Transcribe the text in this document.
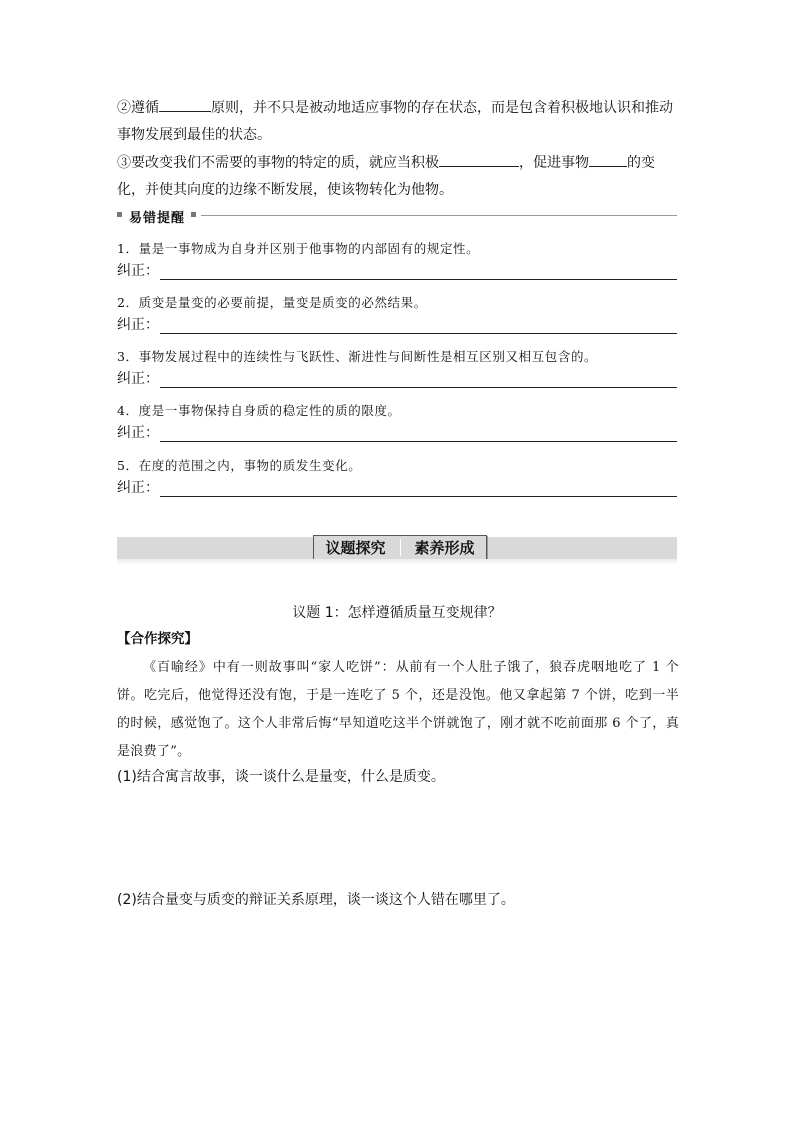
②遵循	原则，并不只是被动地适应事物的存在状态，而是包含着积极地认识和推动事物发展到最佳的状态。

③要改变我们不需要的事物的特定的质，就应当积极	，促进事物	的变化，并使其向度的边缘不断发展，使该物转化为他物。

易错提醒
1．量是一事物成为自身并区别于他事物的内部固有的规定性。
纠正：
2．质变是量变的必要前提，量变是质变的必然结果。
纠正：
3．事物发展过程中的连续性与飞跃性、渐进性与间断性是相互区别又相互包含的。
纠正：
4．度是一事物保持自身质的稳定性的质的限度。
纠正：
5．在度的范围之内，事物的质发生变化。
纠正：
议题探究 素养形成
议题 1：怎样遵循质量互变规律？
【合作探究】

《百喻经》中有一则故事叫“家人吃饼”：从前有一个人肚子饿了，狼吞虎咽地吃了 1 个饼。吃完后，他觉得还没有饱，于是一连吃了 5 个，还是没饱。他又拿起第 7 个饼，吃到一半的时候，感觉饱了。这个人非常后悔“早知道吃这半个饼就饱了，刚才就不吃前面那 6 个了，真是浪费了”。

(1)结合寓言故事，谈一谈什么是量变，什么是质变。
(2)结合量变与质变的辩证关系原理，谈一谈这个人错在哪里了。
